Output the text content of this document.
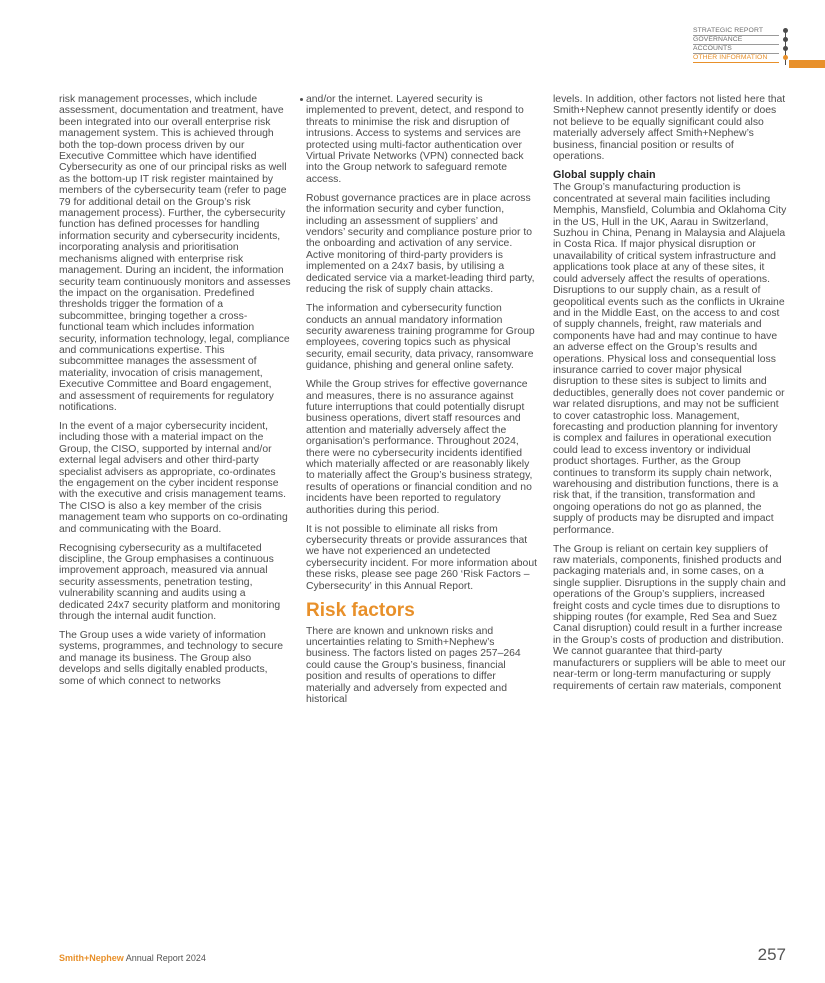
STRATEGIC REPORT
GOVERNANCE
ACCOUNTS
OTHER INFORMATION

risk management processes, which include assessment, documentation and treatment, have been integrated into our overall enterprise risk management system. This is achieved through both the top-down process driven by our Executive Committee which have identified Cybersecurity as one of our principal risks as well as the bottom-up IT risk register maintained by members of the cybersecurity team (refer to page 79 for additional detail on the Group’s risk management process). Further, the cybersecurity function has defined processes for handling information security and cybersecurity incidents, incorporating analysis and prioritisation mechanisms aligned with enterprise risk management. During an incident, the information security team continuously monitors and assesses the impact on the organisation. Predefined thresholds trigger the formation of a subcommittee, bringing together a cross-functional team which includes information security, information technology, legal, compliance and communications expertise. This subcommittee manages the assessment of materiality, invocation of crisis management, Executive Committee and Board engagement, and assessment of requirements for regulatory notifications.

In the event of a major cybersecurity incident, including those with a material impact on the Group, the CISO, supported by internal and/or external legal advisers and other third-party specialist advisers as appropriate, co-ordinates the engagement on the cyber incident response with the executive and crisis management teams. The CISO is also a key member of the crisis management team who supports on co-ordinating and communicating with the Board.

Recognising cybersecurity as a multifaceted discipline, the Group emphasises a continuous improvement approach, measured via annual security assessments, penetration testing, vulnerability scanning and audits using a dedicated 24x7 security platform and monitoring through the internal audit function.

The Group uses a wide variety of information systems, programmes, and technology to secure and manage its business. The Group also develops and sells digitally enabled products, some of which connect to networks

and/or the internet. Layered security is implemented to prevent, detect, and respond to threats to minimise the risk and disruption of intrusions. Access to systems and services are protected using multi-factor authentication over Virtual Private Networks (VPN) connected back into the Group network to safeguard remote access.

Robust governance practices are in place across the information security and cyber function, including an assessment of suppliers’ and vendors’ security and compliance posture prior to the onboarding and activation of any service. Active monitoring of third-party providers is implemented on a 24x7 basis, by utilising a dedicated service via a market-leading third party, reducing the risk of supply chain attacks.

The information and cybersecurity function conducts an annual mandatory information security awareness training programme for Group employees, covering topics such as physical security, email security, data privacy, ransomware guidance, phishing and general online safety.

While the Group strives for effective governance and measures, there is no assurance against future interruptions that could potentially disrupt business operations, divert staff resources and attention and materially adversely affect the organisation’s performance. Throughout 2024, there were no cybersecurity incidents identified which materially affected or are reasonably likely to materially affect the Group’s business strategy, results of operations or financial condition and no incidents have been reported to regulatory authorities during this period.

It is not possible to eliminate all risks from cybersecurity threats or provide assurances that we have not experienced an undetected cybersecurity incident. For more information about these risks, please see page 260 ‘Risk Factors – Cybersecurity’ in this Annual Report.

Risk factors

There are known and unknown risks and uncertainties relating to Smith+Nephew’s business. The factors listed on pages 257–264 could cause the Group’s business, financial position and results of operations to differ materially and adversely from expected and historical

levels. In addition, other factors not listed here that Smith+Nephew cannot presently identify or does not believe to be equally significant could also materially adversely affect Smith+Nephew’s business, financial position or results of operations.

Global supply chain

The Group’s manufacturing production is concentrated at several main facilities including Memphis, Mansfield, Columbia and Oklahoma City in the US, Hull in the UK, Aarau in Switzerland, Suzhou in China, Penang in Malaysia and Alajuela in Costa Rica. If major physical disruption or unavailability of critical system infrastructure and applications took place at any of these sites, it could adversely affect the results of operations. Disruptions to our supply chain, as a result of geopolitical events such as the conflicts in Ukraine and in the Middle East, on the access to and cost of supply channels, freight, raw materials and components have had and may continue to have an adverse effect on the Group’s results and operations. Physical loss and consequential loss insurance carried to cover major physical disruption to these sites is subject to limits and deductibles, generally does not cover pandemic or war related disruptions, and may not be sufficient to cover catastrophic loss. Management, forecasting and production planning for inventory is complex and failures in operational execution could lead to excess inventory or individual product shortages. Further, as the Group continues to transform its supply chain network, warehousing and distribution functions, there is a risk that, if the transition, transformation and ongoing operations do not go as planned, the supply of products may be disrupted and impact performance.

The Group is reliant on certain key suppliers of raw materials, components, finished products and packaging materials and, in some cases, on a single supplier. Disruptions in the supply chain and operations of the Group’s suppliers, increased freight costs and cycle times due to disruptions to shipping routes (for example, Red Sea and Suez Canal disruption) could result in a further increase in the Group’s costs of production and distribution. We cannot guarantee that third-party manufacturers or suppliers will be able to meet our near-term or long-term manufacturing or supply requirements of certain raw materials, component

Smith+Nephew Annual Report 2024	257
